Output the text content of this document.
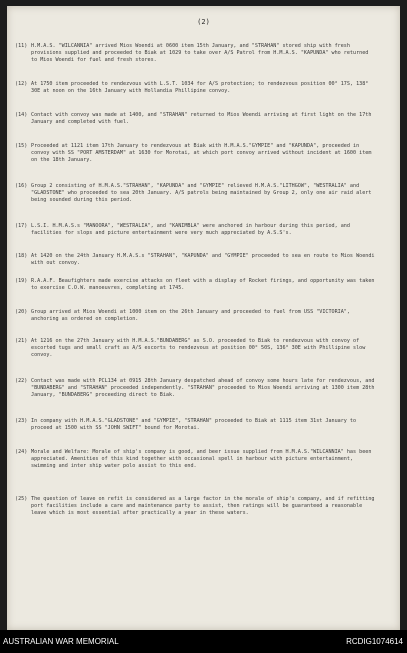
(2)
(11) H.M.A.S. "WILCANNIA" arrived Mios Woendi at 0600 item 15th January, and "STRAHAN" stored ship with fresh provisions supplied and proceeded to Biak at 1029 to take over A/S Patrol from H.M.A.S. "KAPUNDA" who returned to Mios Woendi for fuel and fresh stores.
(12) At 1750 item proceeded to rendezvous with L.S.T. 1034 for A/S protection; to rendezvous position 00° 17S, 138° 30E at noon on the 16th January with Hollandia Phillipine convoy.
(14) Contact with convoy was made at 1400, and "STRAHAN" returned to Mios Woendi arriving at first light on the 17th January and completed with fuel.
(15) Proceeded at 1121 item 17th January to rendezvous at Biak with H.M.A.S."GYMPIE" and "KAPUNDA", proceeded in convoy with SS "PORT AMSTERDAM" at 1630 for Morotai, at which port convoy arrived without incident at 1600 item on the 18th January.
(16) Group 2 consisting of H.M.A.S."STRAHAN", "KAPUNDA" and "GYMPIE" relieved H.M.A.S."LITHGOW", "WESTRALIA" and "GLADSTONE" who proceeded to sea 20th January. A/S patrols being maintained by Group 2, only one air raid alert being sounded during this period.
(17) L.S.I. H.M.A.S.s "MANOORA", "WESTRALIA", and "KANIMBLA" were anchored in harbour during this period, and facilities for slops and picture entertainment were very much appreciated by A.S.S's.
(18) At 1420 on the 24th January H.M.A.S.s "STRAHAN", "KAPUNDA" and "GYMPIE" proceeded to sea en route to Mios Woendi with out convoy.
(19) R.A.A.F. Beaufighters made exercise attacks on fleet with a display of Rocket firings, and opportunity was taken to exercise C.O.W. manoeuvres, completing at 1745.
(20) Group arrived at Mios Woendi at 1000 item on the 26th January and proceeded to fuel from USS "VICTORIA", anchoring as ordered on completion.
(21) At 1216 on the 27th January with H.M.A.S."BUNDABERG" as S.O. proceeded to Biak to rendezvous with convoy of escorted tugs and small craft as A/S escorts to rendezvous at position 00° 50S, 136° 30E with Phillipine slow convoy.
(22) Contact was made with PCL134 at 0915 28th January despatched ahead of convoy some hours late for rendezvous, and "BUNDABERG" and "STRAHAN" proceeded independently. "STRAHAN" proceeded to Mios Woendi arriving at 1300 item 28th January, "BUNDABERG" proceeding direct to Biak.
(23) In company with H.M.A.S."GLADSTONE" and "GYMPIE", "STRAHAN" proceeded to Biak at 1115 item 31st January to proceed at 1500 with SS "JOHN SWIFT" bound for Morotai.
(24) Morale and Welfare: Morale of ship's company is good, and beer issue supplied from H.M.A.S."WILCANNIA" has been appreciated. Amenities of this kind together with occasional spell in harbour with picture entertainment, swimming and inter ship water polo assist to this end.
(25) The question of leave on refit is considered as a large factor in the morale of ship's company, and if refitting port facilities include a care and maintenance party to assist, then ratings will be guaranteed a reasonable leave which is most essential after practically a year in these waters.
AUSTRALIAN WAR MEMORIAL	RCDIG1074614
